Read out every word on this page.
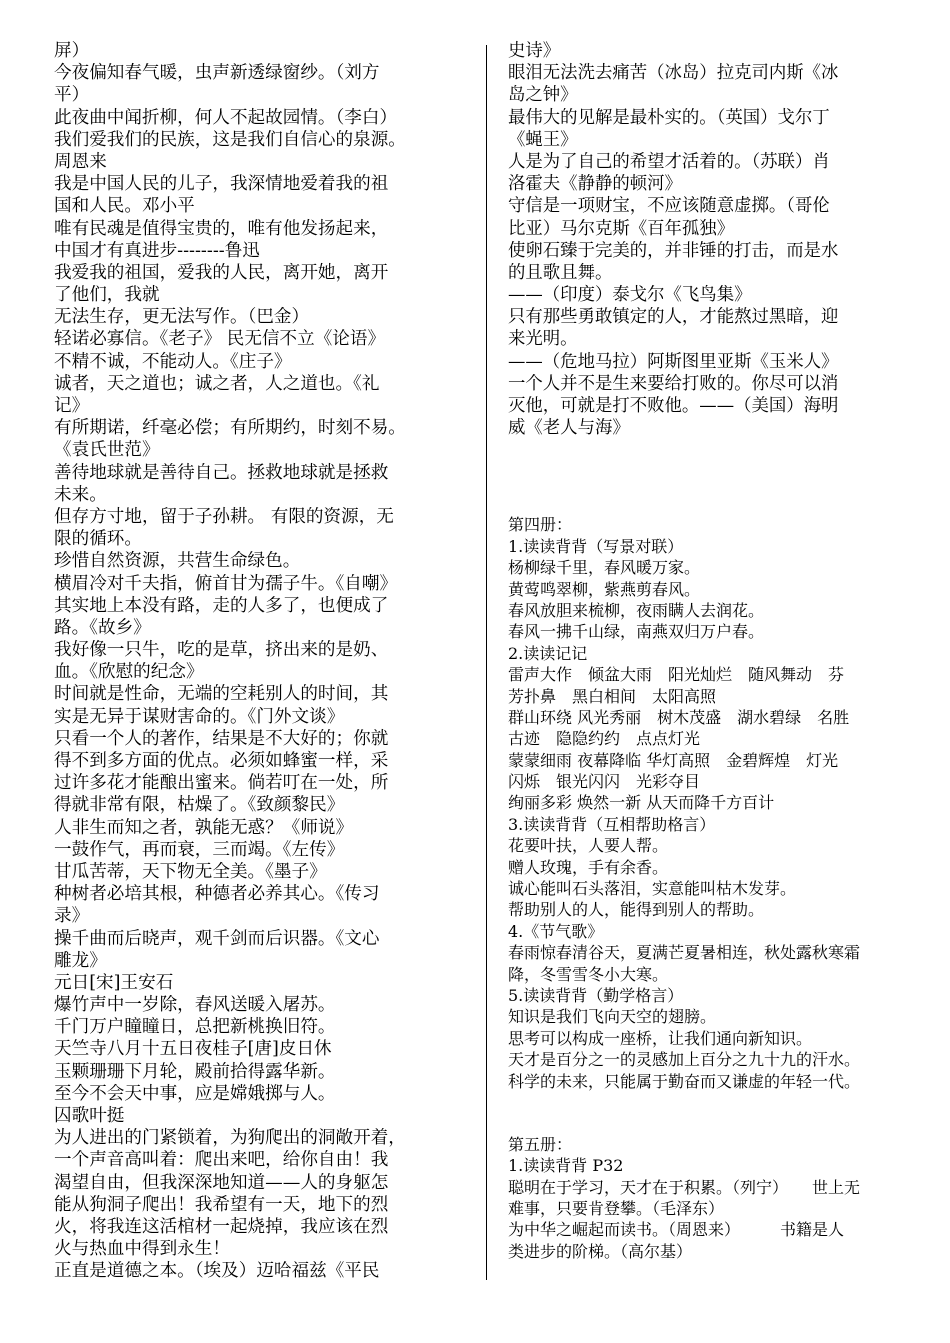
屏）
今夜偏知春气暖，虫声新透绿窗纱。（刘方
平）
此夜曲中闻折柳，何人不起故园情。（李白）
我们爱我们的民族，这是我们自信心的泉源。
周恩来
我是中国人民的儿子，我深情地爱着我的祖
国和人民。邓小平
唯有民魂是值得宝贵的，唯有他发扬起来，
中国才有真进步--------鲁迅
我爱我的祖国，爱我的人民，离开她，离开
了他们，我就
无法生存，更无法写作。（巴金）
轻诺必寡信。《老子》 民无信不立《论语》
不精不诚，不能动人。《庄子》
诚者，天之道也；诚之者，人之道也。《礼
记》
有所期诺，纤毫必偿；有所期约，时刻不易。
《袁氏世范》
善待地球就是善待自己。拯救地球就是拯救
未来。
但存方寸地，留于子孙耕。 有限的资源，无
限的循环。
珍惜自然资源，共营生命绿色。
横眉冷对千夫指，俯首甘为孺子牛。《自嘲》
其实地上本没有路，走的人多了，也便成了
路。《故乡》
我好像一只牛，吃的是草，挤出来的是奶、
血。《欣慰的纪念》
时间就是性命，无端的空耗别人的时间，其
实是无异于谋财害命的。《门外文谈》
只看一个人的著作，结果是不大好的；你就
得不到多方面的优点。必须如蜂蜜一样，采
过许多花才能酿出蜜来。倘若叮在一处，所
得就非常有限，枯燥了。《致颜黎民》
人非生而知之者，孰能无惑？《师说》
一鼓作气，再而衰，三而竭。《左传》
甘瓜苦蒂，天下物无全美。《墨子》
种树者必培其根，种德者必养其心。《传习
录》
操千曲而后晓声，观千剑而后识器。《文心
雕龙》
元日[宋]王安石
爆竹声中一岁除，春风送暖入屠苏。
千门万户瞳瞳日，总把新桃换旧符。
天竺寺八月十五日夜桂子[唐]皮日休
玉颗珊珊下月轮，殿前拾得露华新。
至今不会天中事，应是嫦娥掷与人。
囚歌叶挺
为人进出的门紧锁着，为狗爬出的洞敞开着，
一个声音高叫着：爬出来吧，给你自由！我
渴望自由，但我深深地知道——人的身躯怎
能从狗洞子爬出！我希望有一天，地下的烈
火，将我连这活棺材一起烧掉，我应该在烈
火与热血中得到永生！
正直是道德之本。（埃及）迈哈福兹《平民
史诗》
眼泪无法洗去痛苦（冰岛）拉克司内斯《冰
岛之钟》
最伟大的见解是最朴实的。（英国）戈尔丁
《蝇王》
人是为了自己的希望才活着的。（苏联）肖
洛霍夫《静静的顿河》
守信是一项财宝，不应该随意虚掷。（哥伦
比亚）马尔克斯《百年孤独》
使卵石臻于完美的，并非锤的打击，而是水
的且歌且舞。
——（印度）泰戈尔《飞鸟集》
只有那些勇敢镇定的人，才能熬过黑暗，迎
来光明。
——（危地马拉）阿斯图里亚斯《玉米人》
一个人并不是生来要给打败的。你尽可以消
灭他，可就是打不败他。——（美国）海明
威《老人与海》
第四册：
1.读读背背（写景对联）
杨柳绿千里，春风暖万家。
黄莺鸣翠柳，紫燕剪春风。
春风放胆来梳柳，夜雨瞒人去润花。
春风一拂千山绿，南燕双归万户春。
2.读读记记
雷声大作　倾盆大雨　阳光灿烂　随风舞动　芬
芳扑鼻　黑白相间　太阳高照
群山环绕 风光秀丽　树木茂盛　湖水碧绿　名胜
古迹　隐隐约约　点点灯光
蒙蒙细雨 夜幕降临 华灯高照　金碧辉煌　灯光
闪烁　银光闪闪　光彩夺目
绚丽多彩 焕然一新 从天而降千方百计
3.读读背背（互相帮助格言）
花要叶扶，人要人帮。
赠人玫瑰，手有余香。
诚心能叫石头落泪，实意能叫枯木发芽。
帮助别人的人，能得到别人的帮助。
4.《节气歌》
春雨惊春清谷天，夏满芒夏暑相连，秋处露秋寒霜
降，冬雪雪冬小大寒。
5.读读背背（勤学格言）
知识是我们飞向天空的翅膀。
思考可以构成一座桥，让我们通向新知识。
天才是百分之一的灵感加上百分之九十九的汗水。
科学的未来，只能属于勤奋而又谦虚的年轻一代。
第五册：
1.读读背背 P32
聪明在于学习，天才在于积累。（列宁）　　世上无
难事，只要肯登攀。（毛泽东）
为中华之崛起而读书。（周恩来）　　　书籍是人
类进步的阶梯。（高尔基）
